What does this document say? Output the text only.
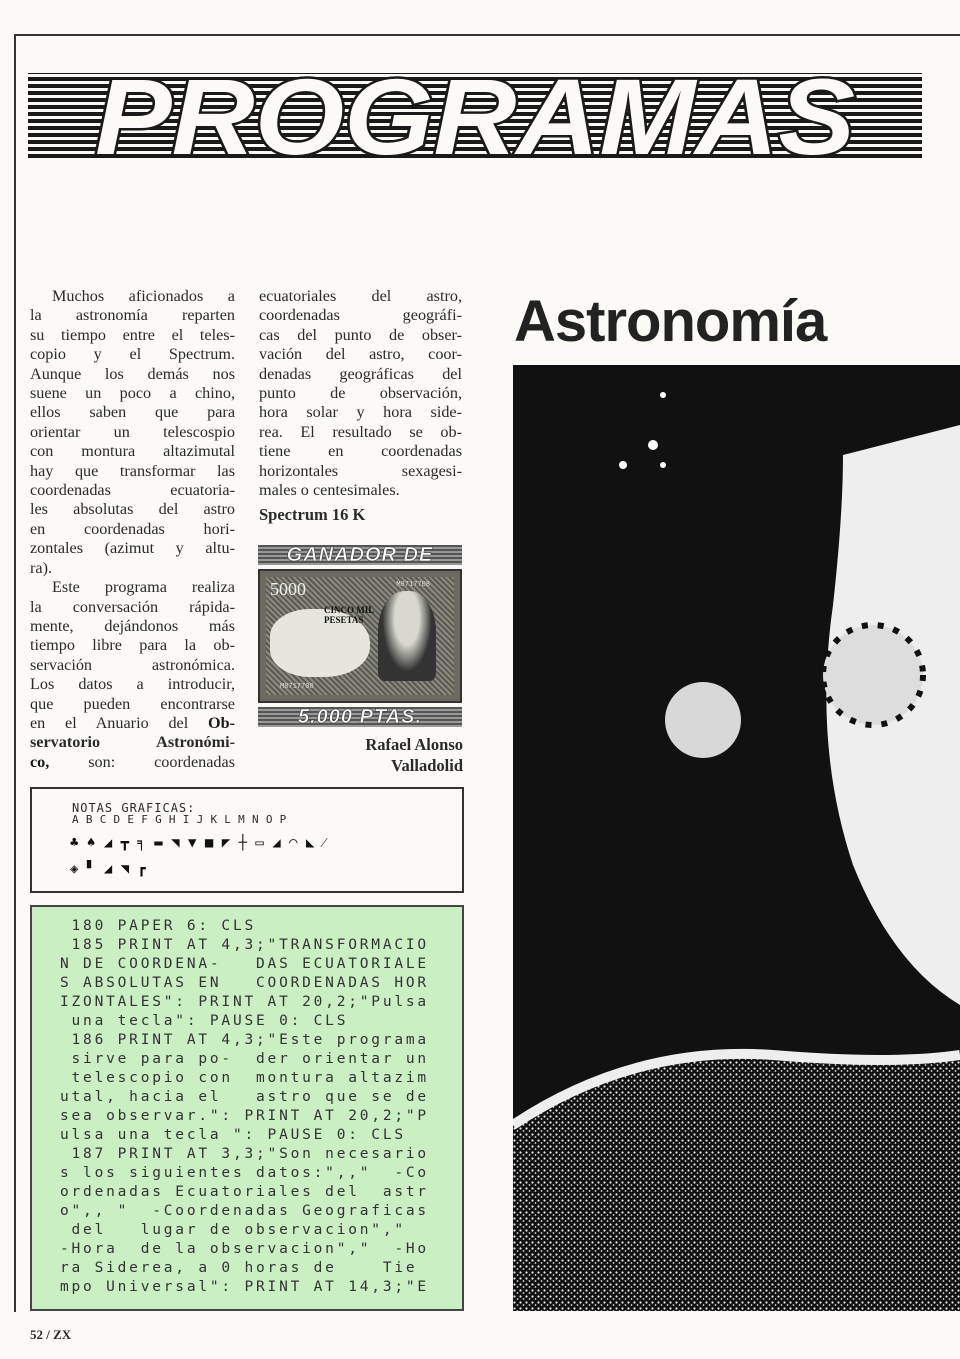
PROGRAMAS
Muchos aficionados a
la astronomía reparten
su tiempo entre el teles-
copio y el Spectrum.
Aunque los demás nos
suene un poco a chino,
ellos saben que para
orientar un telescospio
con montura altazimutal
hay que transformar las
coordenadas ecuatoria-
les absolutas del astro
en coordenadas hori-
zontales (azimut y altu-
ra).
Este programa realiza
la conversación rápida-
mente, dejándonos más
tiempo libre para la ob-
servación astronómica.
Los datos a introducir,
que pueden encontrarse
en el Anuario del Ob-
servatorio Astronómi-
co, son: coordenadas
ecuatoriales del astro,
coordenadas geográfi-
cas del punto de obser-
vación del astro, coor-
denadas geográficas del
punto de observación,
hora solar y hora side-
rea. El resultado se ob-
tiene en coordenadas
horizontales sexagesi-
males o centesimales.
Spectrum 16 K
GANADOR DE
5000
CINCO MIL PESETAS
M8717708
M8717708
5.000 PTAS.
Rafael Alonso
Valladolid
Astronomía
NOTAS GRAFICAS:
A B C D E F G H I J K L M N O P
♣ ♠ ◢ ┳ ╕ ▬ ◥ ▼ ■ ◤ ┼ ▭ ◢ ◠ ◣ ⁄
◈ ▘ ◢ ◥ ┏
180 PAPER 6: CLS
185 PRINT AT 4,3;"TRANSFORMACIO
N DE COORDENA-   DAS ECUATORIALE
S ABSOLUTAS EN   COORDENADAS HOR
IZONTALES": PRINT AT 20,2;"Pulsa
una tecla": PAUSE 0: CLS
186 PRINT AT 4,3;"Este programa
sirve para po-  der orientar un
telescopio con  montura altazim
utal, hacia el   astro que se de
sea observar.": PRINT AT 20,2;"P
ulsa una tecla ": PAUSE 0: CLS
187 PRINT AT 3,3;"Son necesario
s los siguientes datos:",,"  -Co
ordenadas Ecuatoriales del  astr
o",, "  -Coordenadas Geograficas
del   lugar de observacion","
-Hora  de la observacion","  -Ho
ra Siderea, a 0 horas de    Tie
mpo Universal": PRINT AT 14,3;"E
52 / ZX
